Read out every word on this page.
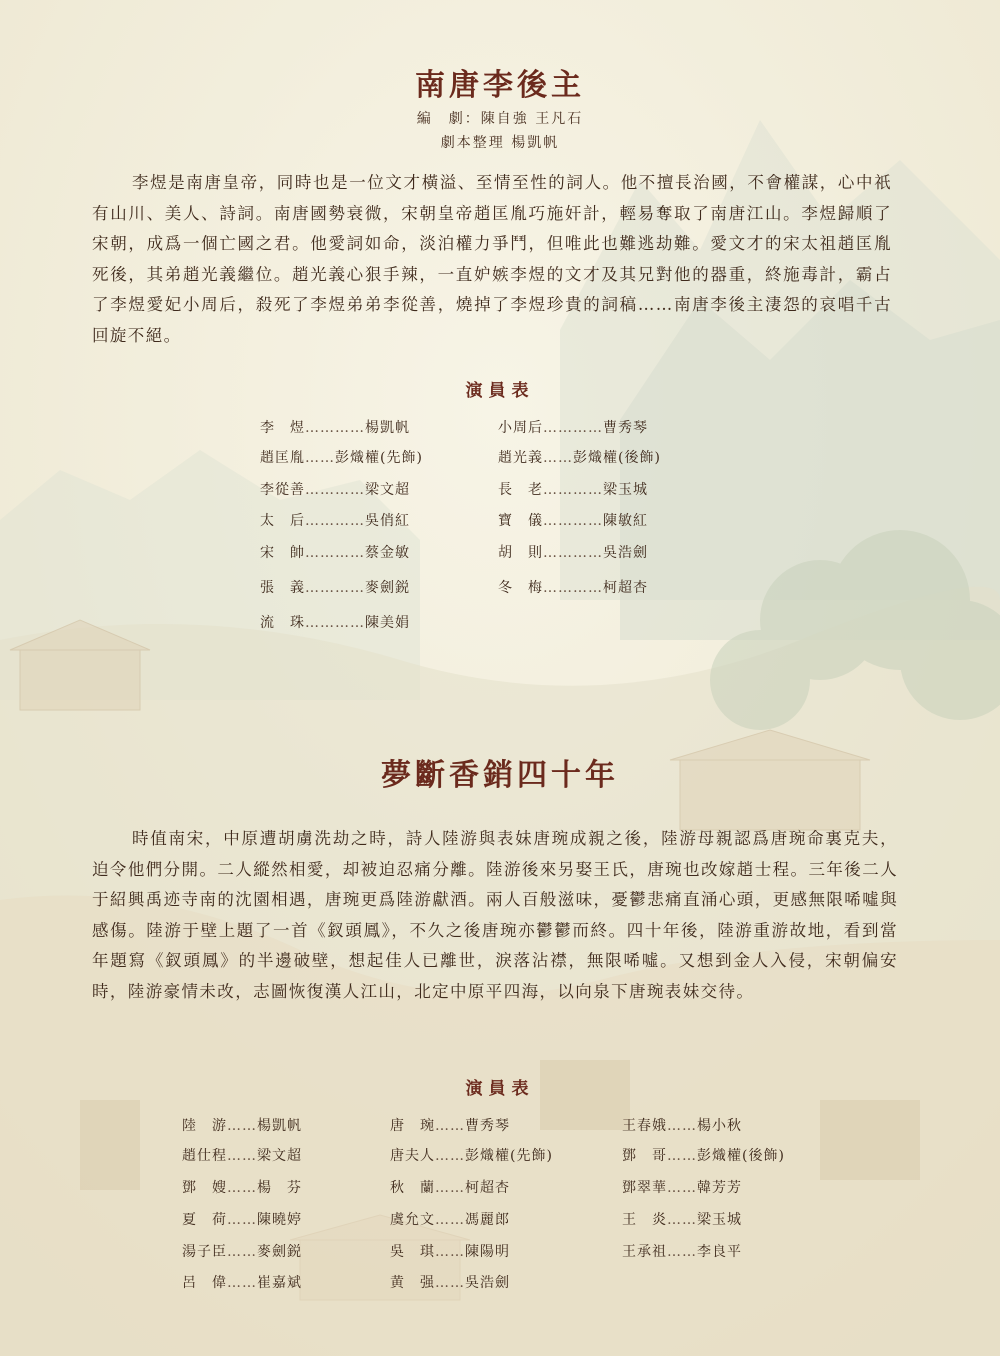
南唐李後主
編　劇：陳自強 王凡石
劇本整理 楊凱帆

李煜是南唐皇帝，同時也是一位文才橫溢、至情至性的詞人。他不擅長治國，不會權謀，心中祇有山川、美人、詩詞。南唐國勢衰微，宋朝皇帝趙匡胤巧施奸計，輕易奪取了南唐江山。李煜歸順了宋朝，成爲一個亡國之君。他愛詞如命，淡泊權力爭鬥，但唯此也難逃劫難。愛文才的宋太祖趙匡胤死後，其弟趙光義繼位。趙光義心狠手辣，一直妒嫉李煜的文才及其兄對他的器重，終施毒計，霸占了李煜愛妃小周后，殺死了李煜弟弟李從善，燒掉了李煜珍貴的詞稿……南唐李後主淒怨的哀唱千古回旋不絕。

演員表
李　煜…………楊凱帆	小周后…………曹秀琴
趙匡胤……彭熾權(先飾)	趙光義……彭熾權(後飾)
李從善…………梁文超	長　老…………梁玉城
太　后…………吳俏紅	寶　儀…………陳敏紅
宋　帥…………蔡金敏	胡　則…………吳浩劍
張　義…………麥劍鋭	冬　梅…………柯超杏
流　珠…………陳美娟
夢斷香銷四十年

時值南宋，中原遭胡虜洗劫之時，詩人陸游與表妹唐琬成親之後，陸游母親認爲唐琬命裏克夫，迫令他們分開。二人縱然相愛，却被迫忍痛分離。陸游後來另娶王氏，唐琬也改嫁趙士程。三年後二人于紹興禹迹寺南的沈園相遇，唐琬更爲陸游獻酒。兩人百般滋味，憂鬱悲痛直涌心頭，更感無限唏噓與感傷。陸游于壁上題了一首《釵頭鳳》，不久之後唐琬亦鬱鬱而終。四十年後，陸游重游故地，看到當年題寫《釵頭鳳》的半邊破壁，想起佳人已離世，淚落沾襟，無限唏噓。又想到金人入侵，宋朝偏安時，陸游豪情未改，志圖恢復漢人江山，北定中原平四海，以向泉下唐琬表妹交待。

演員表
陸　游……楊凱帆	唐　琬……曹秀琴	王春娥……楊小秋
趙仕程……梁文超	唐夫人……彭熾權(先飾)	鄧　哥……彭熾權(後飾)
鄧　嫂……楊　芬	秋　蘭……柯超杏	鄧翠華……韓芳芳
夏　荷……陳曉婷	虞允文……馮麗郎	王　炎……梁玉城
湯子臣……麥劍鋭	吳　琪……陳陽明	王承祖……李良平
呂　偉……崔嘉斌	黄　强……吳浩劍
